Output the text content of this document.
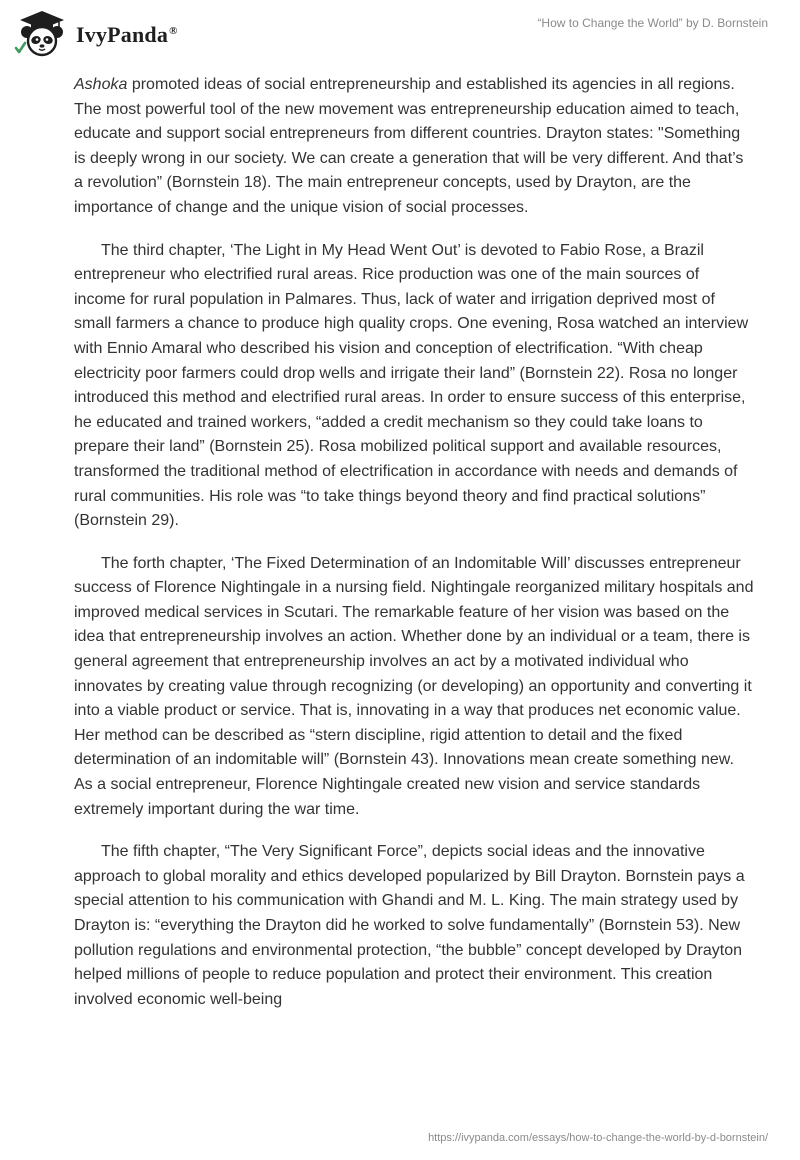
IvyPanda®
“How to Change the World” by D. Bornstein

Ashoka promoted ideas of social entrepreneurship and established its agencies in all regions. The most powerful tool of the new movement was entrepreneurship education aimed to teach, educate and support social entrepreneurs from different countries. Drayton states: "Something is deeply wrong in our society. We can create a generation that will be very different. And that’s a revolution” (Bornstein 18). The main entrepreneur concepts, used by Drayton, are the importance of change and the unique vision of social processes.

The third chapter, ‘The Light in My Head Went Out’ is devoted to Fabio Rose, a Brazil entrepreneur who electrified rural areas. Rice production was one of the main sources of income for rural population in Palmares. Thus, lack of water and irrigation deprived most of small farmers a chance to produce high quality crops. One evening, Rosa watched an interview with Ennio Amaral who described his vision and conception of electrification. “With cheap electricity poor farmers could drop wells and irrigate their land” (Bornstein 22). Rosa no longer introduced this method and electrified rural areas. In order to ensure success of this enterprise, he educated and trained workers, “added a credit mechanism so they could take loans to prepare their land” (Bornstein 25). Rosa mobilized political support and available resources, transformed the traditional method of electrification in accordance with needs and demands of rural communities. His role was “to take things beyond theory and find practical solutions” (Bornstein 29).

The forth chapter, ‘The Fixed Determination of an Indomitable Will’ discusses entrepreneur success of Florence Nightingale in a nursing field. Nightingale reorganized military hospitals and improved medical services in Scutari. The remarkable feature of her vision was based on the idea that entrepreneurship involves an action. Whether done by an individual or a team, there is general agreement that entrepreneurship involves an act by a motivated individual who innovates by creating value through recognizing (or developing) an opportunity and converting it into a viable product or service. That is, innovating in a way that produces net economic value. Her method can be described as “stern discipline, rigid attention to detail and the fixed determination of an indomitable will” (Bornstein 43). Innovations mean create something new. As a social entrepreneur, Florence Nightingale created new vision and service standards extremely important during the war time.

The fifth chapter, “The Very Significant Force”, depicts social ideas and the innovative approach to global morality and ethics developed popularized by Bill Drayton. Bornstein pays a special attention to his communication with Ghandi and M. L. King. The main strategy used by Drayton is: “everything the Drayton did he worked to solve fundamentally” (Bornstein 53). New pollution regulations and environmental protection, “the bubble” concept developed by Drayton helped millions of people to reduce population and protect their environment. This creation involved economic well-being

https://ivypanda.com/essays/how-to-change-the-world-by-d-bornstein/
